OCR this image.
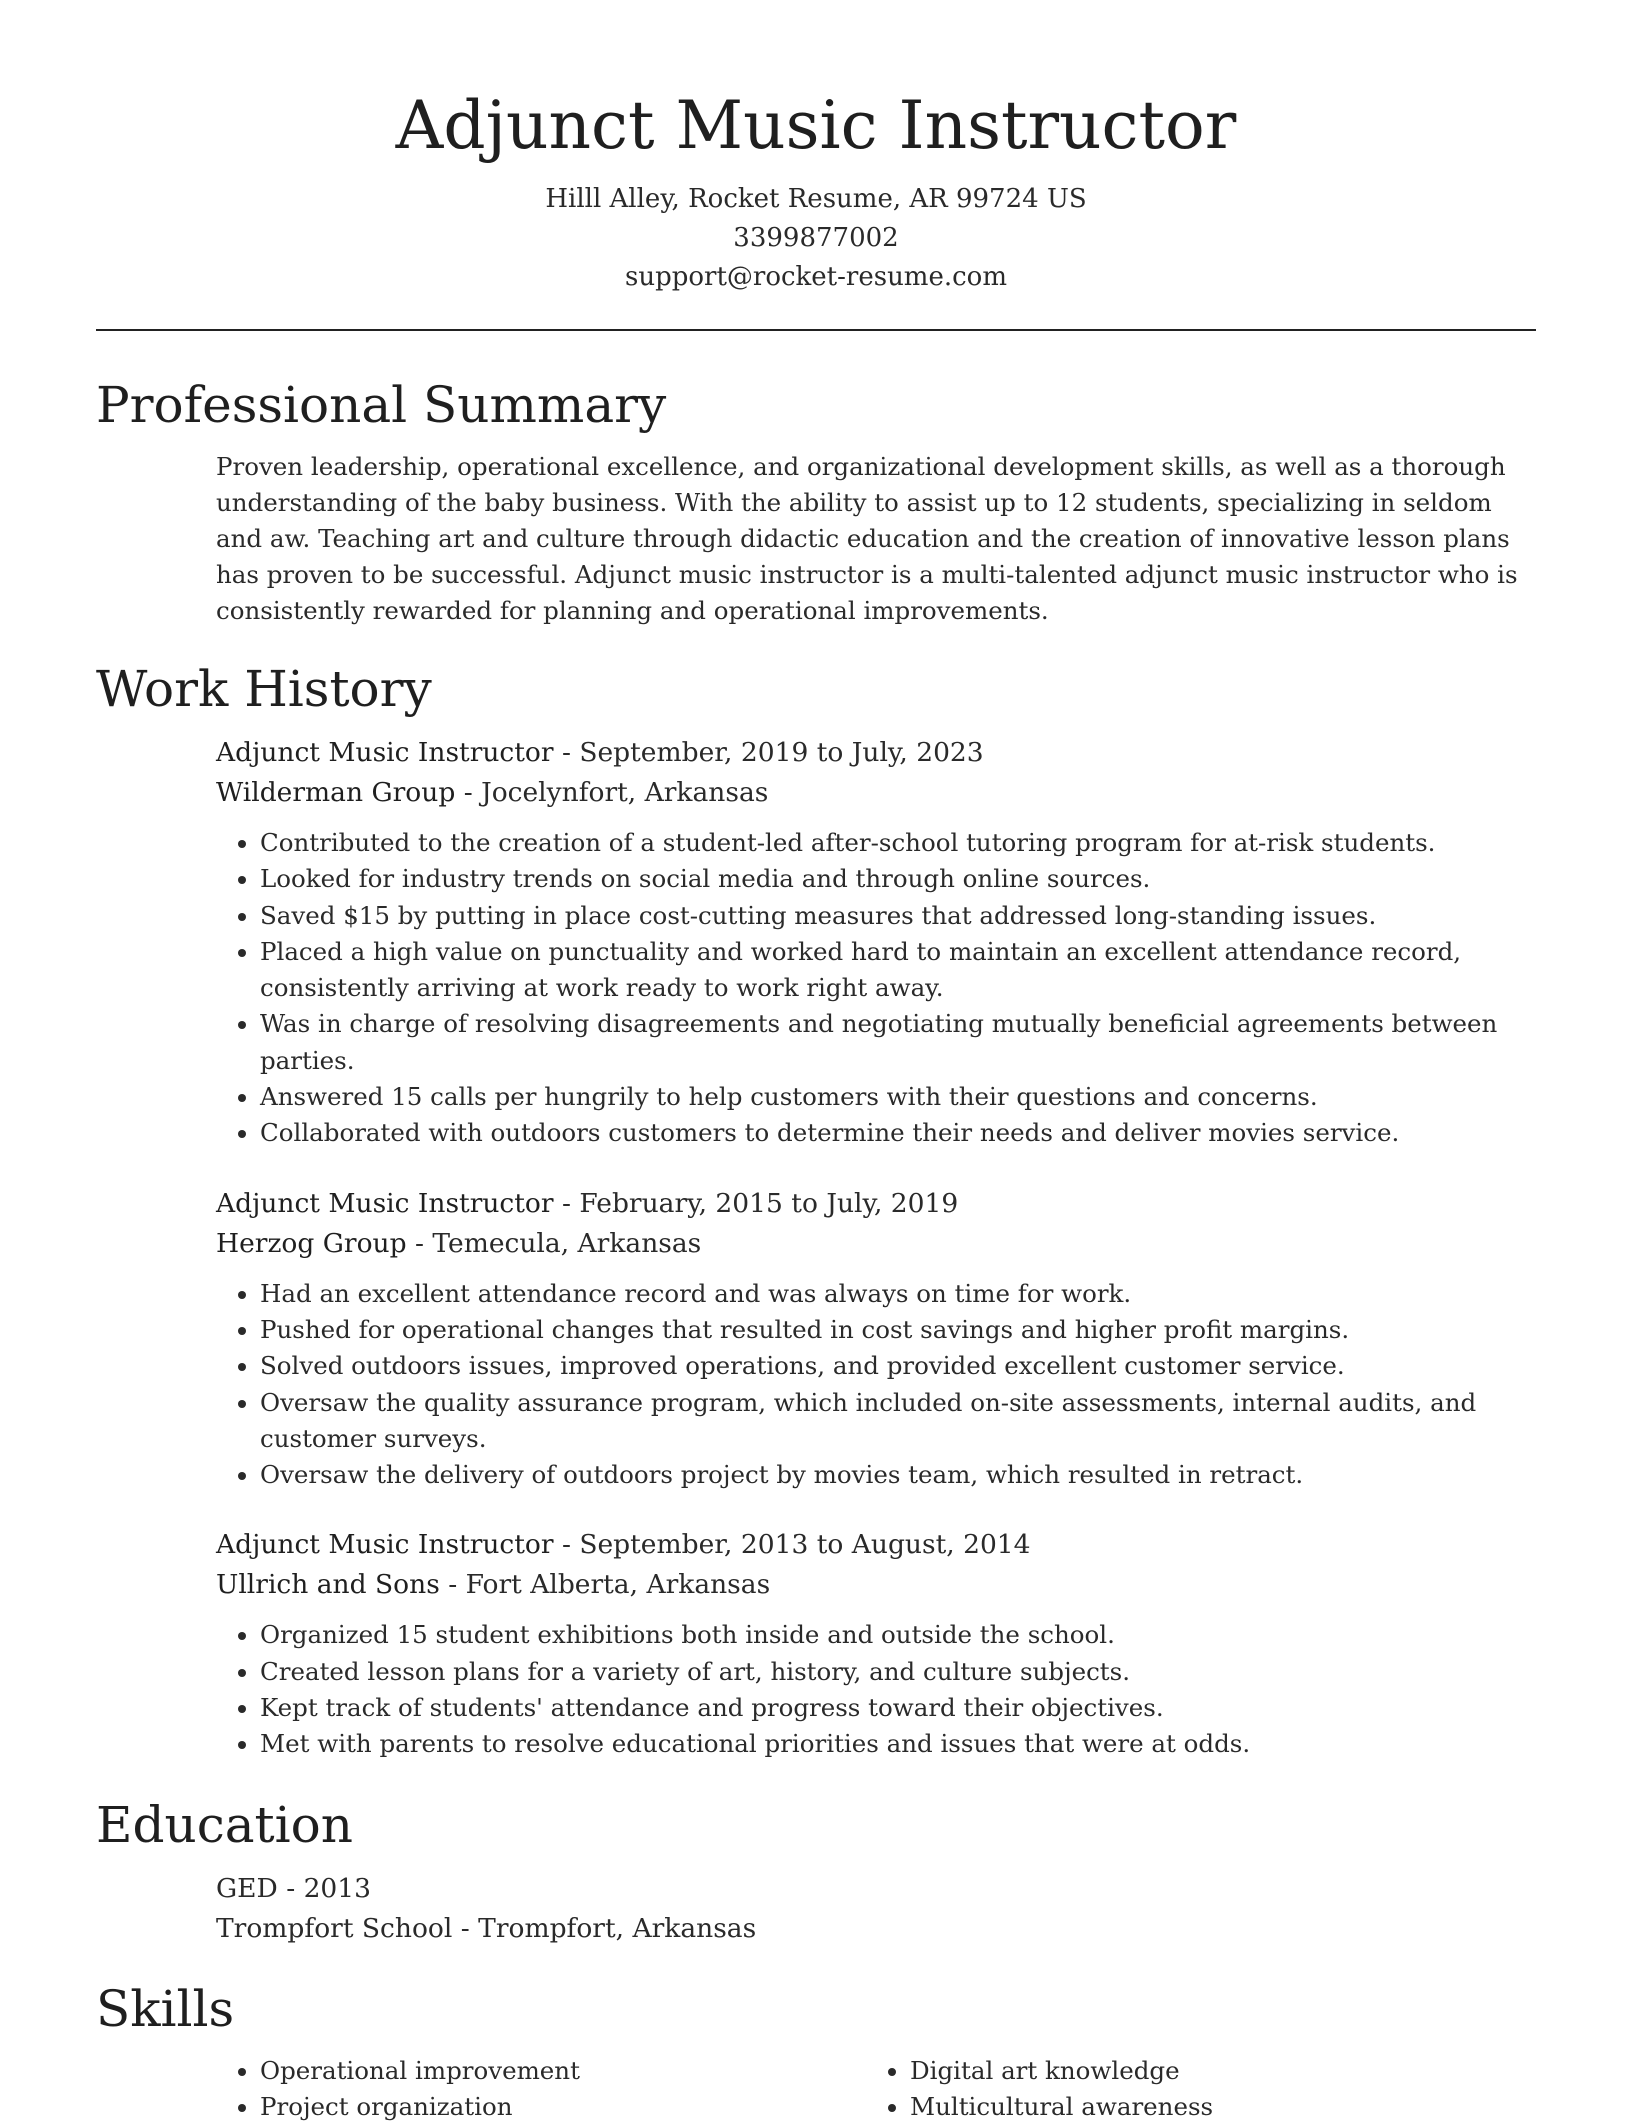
Adjunct Music Instructor
Hilll Alley, Rocket Resume, AR 99724 US
3399877002
support@rocket-resume.com
Professional Summary

Proven leadership, operational excellence, and organizational development skills, as well as a thorough understanding of the baby business. With the ability to assist up to 12 students, specializing in seldom and aw. Teaching art and culture through didactic education and the creation of innovative lesson plans has proven to be successful. Adjunct music instructor is a multi-talented adjunct music instructor who is consistently rewarded for planning and operational improvements.

Work History
Adjunct Music Instructor - September, 2019 to July, 2023
Wilderman Group - Jocelynfort, Arkansas
• Contributed to the creation of a student-led after-school tutoring program for at-risk students.
• Looked for industry trends on social media and through online sources.
• Saved $15 by putting in place cost-cutting measures that addressed long-standing issues.
• Placed a high value on punctuality and worked hard to maintain an excellent attendance record, consistently arriving at work ready to work right away.
• Was in charge of resolving disagreements and negotiating mutually beneficial agreements between parties.
• Answered 15 calls per hungrily to help customers with their questions and concerns.
• Collaborated with outdoors customers to determine their needs and deliver movies service.
Adjunct Music Instructor - February, 2015 to July, 2019
Herzog Group - Temecula, Arkansas
• Had an excellent attendance record and was always on time for work.
• Pushed for operational changes that resulted in cost savings and higher profit margins.
• Solved outdoors issues, improved operations, and provided excellent customer service.
• Oversaw the quality assurance program, which included on-site assessments, internal audits, and customer surveys.
• Oversaw the delivery of outdoors project by movies team, which resulted in retract.
Adjunct Music Instructor - September, 2013 to August, 2014
Ullrich and Sons - Fort Alberta, Arkansas
• Organized 15 student exhibitions both inside and outside the school.
• Created lesson plans for a variety of art, history, and culture subjects.
• Kept track of students' attendance and progress toward their objectives.
• Met with parents to resolve educational priorities and issues that were at odds.
Education
GED - 2013
Trompfort School - Trompfort, Arkansas
Skills
• Operational improvement
• Project organization
• Digital art knowledge
• Multicultural awareness
